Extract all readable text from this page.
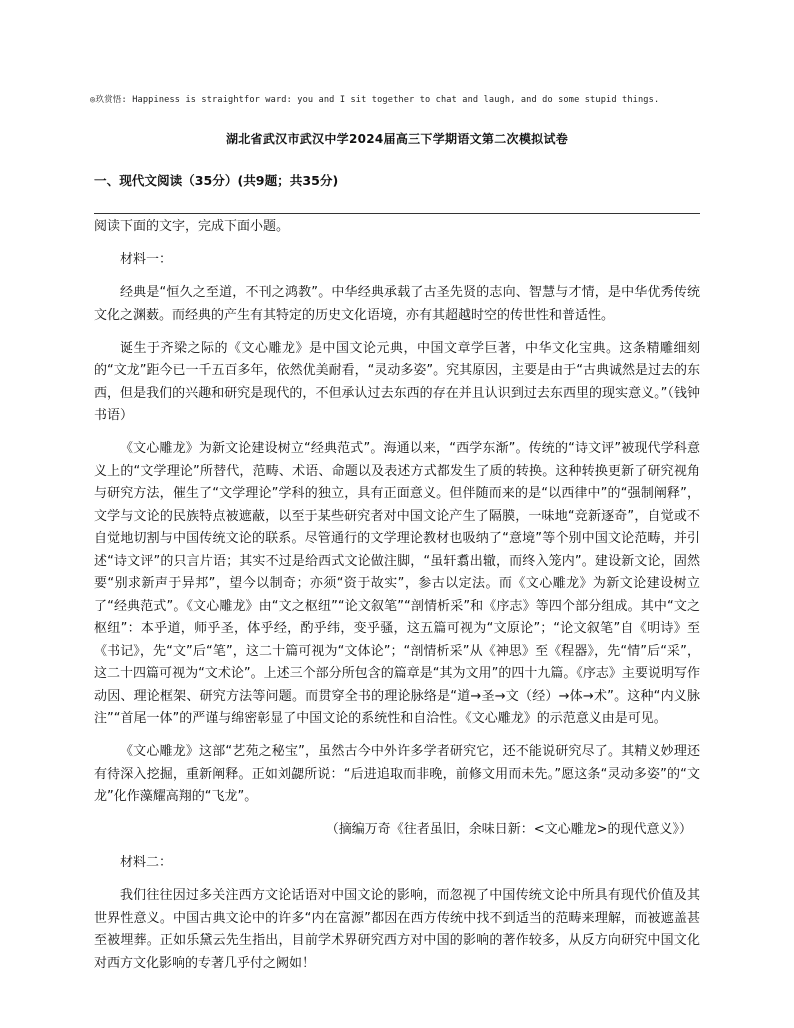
◎玖赏悟: Happiness is straightfor ward: you and I sit together to chat and laugh, and do some stupid things.
湖北省武汉市武汉中学2024届高三下学期语文第二次模拟试卷
一、现代文阅读（35分）(共9题；共35分)

阅读下面的文字，完成下面小题。

材料一：

经典是“恒久之至道，不刊之鸿教”。中华经典承载了古圣先贤的志向、智慧与才情，是中华优秀传统文化之渊薮。而经典的产生有其特定的历史文化语境，亦有其超越时空的传世性和普适性。

诞生于齐梁之际的《文心雕龙》是中国文论元典，中国文章学巨著，中华文化宝典。这条精雕细刻的“文龙”距今已一千五百多年，依然优美耐看，“灵动多姿”。究其原因，主要是由于“古典诚然是过去的东西，但是我们的兴趣和研究是现代的，不但承认过去东西的存在并且认识到过去东西里的现实意义。”（钱钟书语）

《文心雕龙》为新文论建设树立“经典范式”。海通以来，“西学东渐”。传统的“诗文评”被现代学科意义上的“文学理论”所替代，范畴、术语、命题以及表述方式都发生了质的转换。这种转换更新了研究视角与研究方法，催生了“文学理论”学科的独立，具有正面意义。但伴随而来的是“以西律中”的“强制阐释”，文学与文论的民族特点被遮蔽，以至于某些研究者对中国文论产生了隔膜，一味地“竞新逐奇”，自觉或不自觉地切割与中国传统文论的联系。尽管通行的文学理论教材也吸纳了“意境”等个别中国文论范畴，并引述“诗文评”的只言片语；其实不过是给西式文论做注脚，“虽轩翥出辙，而终入笼内”。建设新文论，固然要“别求新声于异邦”，望今以制奇；亦须“资于故实”，参古以定法。而《文心雕龙》为新文论建设树立了“经典范式”。《文心雕龙》由“文之枢纽”“论文叙笔”“剖情析采”和《序志》等四个部分组成。其中“文之枢纽”：本乎道，师乎圣，体乎经，酌乎纬，变乎骚，这五篇可视为“文原论”；“论文叙笔”自《明诗》至《书记》，先“文”后“笔”，这二十篇可视为“文体论”；“剖情析采”从《神思》至《程器》，先“情”后“采”，这二十四篇可视为“文术论”。上述三个部分所包含的篇章是“其为文用”的四十九篇。《序志》主要说明写作动因、理论框架、研究方法等问题。而贯穿全书的理论脉络是“道→圣→文（经）→体→术”。这种“内义脉注”“首尾一体”的严谨与绵密彰显了中国文论的系统性和自洽性。《文心雕龙》的示范意义由是可见。

《文心雕龙》这部“艺苑之秘宝”，虽然古今中外许多学者研究它，还不能说研究尽了。其精义妙理还有待深入挖掘，重新阐释。正如刘勰所说：“后进追取而非晚，前修文用而未先。”愿这条“灵动多姿”的“文龙”化作藻耀高翔的“飞龙”。

（摘编万奇《往者虽旧，余味日新：<文心雕龙>的现代意义》）

材料二：

我们往往因过多关注西方文论话语对中国文论的影响，而忽视了中国传统文论中所具有现代价值及其世界性意义。中国古典文论中的许多“内在富源”都因在西方传统中找不到适当的范畴来理解，而被遮盖甚至被埋葬。正如乐黛云先生指出，目前学术界研究西方对中国的影响的著作较多，从反方向研究中国文化对西方文化影响的专著几乎付之阙如！
